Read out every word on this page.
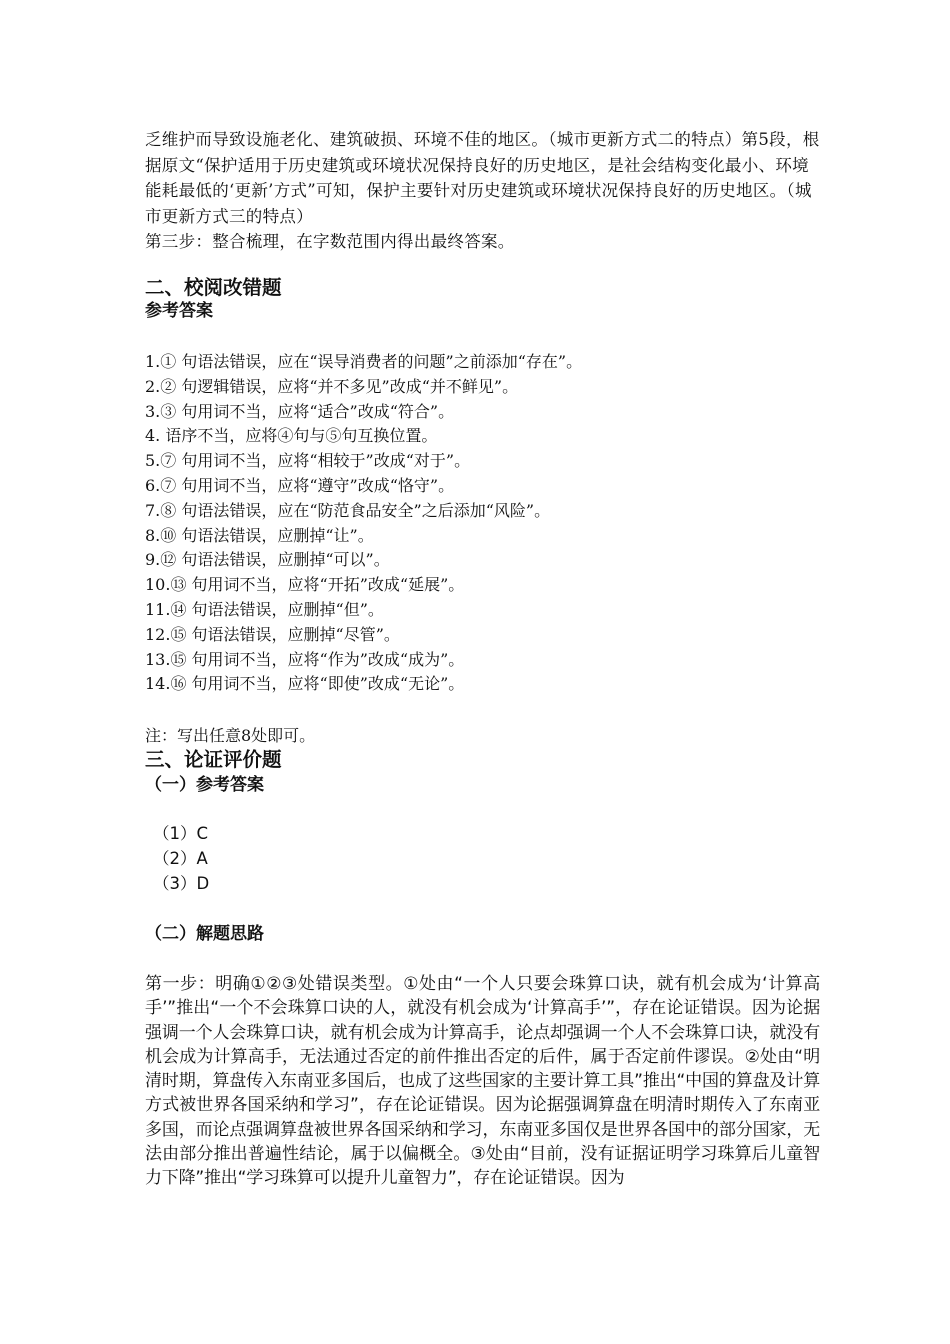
乏维护而导致设施老化、建筑破损、环境不佳的地区。（城市更新方式二的特点）第5段，根据原文“保护适用于历史建筑或环境状况保持良好的历史地区，是社会结构变化最小、环境能耗最低的‘更新’方式”可知，保护主要针对历史建筑或环境状况保持良好的历史地区。（城市更新方式三的特点）

第三步：整合梳理，在字数范围内得出最终答案。

二、校阅改错题
参考答案
1.① 句语法错误，应在“误导消费者的问题”之前添加“存在”。
2.② 句逻辑错误，应将“并不多见”改成“并不鲜见”。
3.③ 句用词不当，应将“适合”改成“符合”。
4. 语序不当，应将④句与⑤句互换位置。
5.⑦ 句用词不当，应将“相较于”改成“对于”。
6.⑦ 句用词不当，应将“遵守”改成“恪守”。
7.⑧ 句语法错误，应在“防范食品安全”之后添加“风险”。
8.⑩ 句语法错误，应删掉“让”。
9.⑫ 句语法错误，应删掉“可以”。
10.⑬ 句用词不当，应将“开拓”改成“延展”。
11.⑭ 句语法错误，应删掉“但”。
12.⑮ 句语法错误，应删掉“尽管”。
13.⑮ 句用词不当，应将“作为”改成“成为”。
14.⑯ 句用词不当，应将“即使”改成“无论”。

注：写出任意8处即可。

三、论证评价题
（一）参考答案

（1）C

（2）A

（3）D

（二）解题思路

第一步：明确①②③处错误类型。①处由“一个人只要会珠算口诀，就有机会成为‘计算高手’”推出“一个不会珠算口诀的人，就没有机会成为‘计算高手’”，存在论证错误。因为论据强调一个人会珠算口诀，就有机会成为计算高手，论点却强调一个人不会珠算口诀，就没有机会成为计算高手，无法通过否定的前件推出否定的后件，属于否定前件谬误。②处由“明清时期，算盘传入东南亚多国后，也成了这些国家的主要计算工具”推出“中国的算盘及计算方式被世界各国采纳和学习”，存在论证错误。因为论据强调算盘在明清时期传入了东南亚多国，而论点强调算盘被世界各国采纳和学习，东南亚多国仅是世界各国中的部分国家，无法由部分推出普遍性结论，属于以偏概全。③处由“目前，没有证据证明学习珠算后儿童智力下降”推出“学习珠算可以提升儿童智力”，存在论证错误。因为
